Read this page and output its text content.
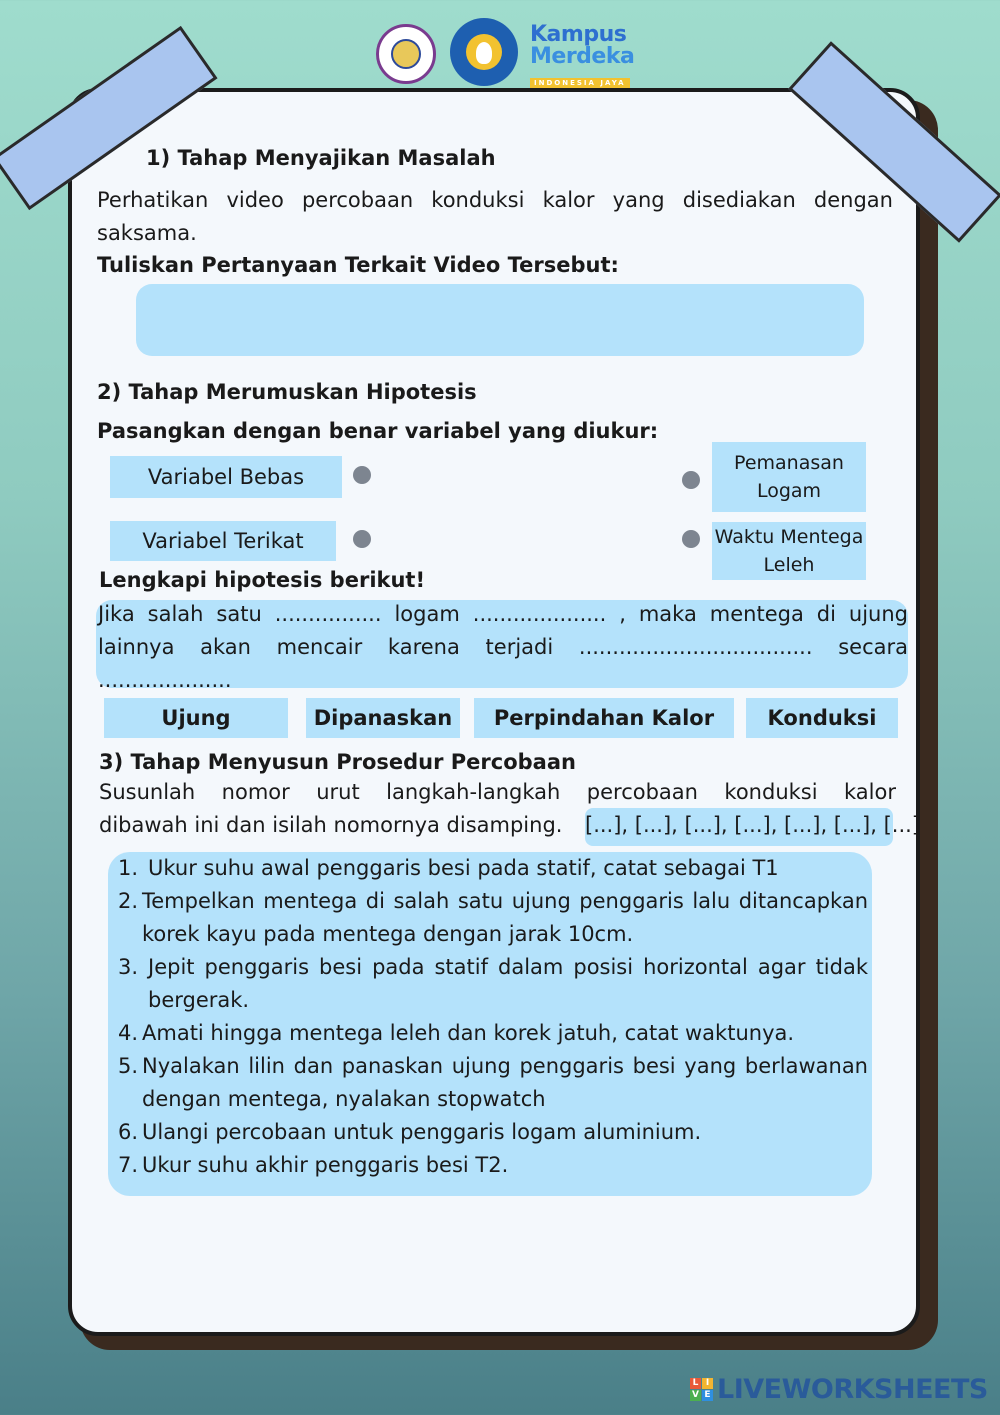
Kampus
Merdeka
INDONESIA JAYA
1) Tahap Menyajikan Masalah
Perhatikan video percobaan konduksi kalor yang disediakan dengan saksama.
Tuliskan Pertanyaan Terkait Video Tersebut:
2) Tahap Merumuskan Hipotesis
Pasangkan dengan benar variabel yang diukur:
Variabel Bebas
Variabel Terikat
Pemanasan Logam
Waktu Mentega Leleh
Lengkapi hipotesis berikut!
Jika salah satu ................ logam .................... , maka mentega di ujung lainnya akan mencair karena terjadi ................................... secara ....................
Ujung	Dipanaskan	Perpindahan Kalor	Konduksi
3) Tahap Menyusun Prosedur Percobaan
Susunlah nomor urut langkah-langkah percobaan konduksi kalor
dibawah ini dan isilah nomornya disamping. [...], [...], [...], [...], [...], [...], [...]
1. Ukur suhu awal penggaris besi pada statif, catat sebagai T1
2. Tempelkan mentega di salah satu ujung penggaris lalu ditancapkan korek kayu pada mentega dengan jarak 10cm.
3. Jepit penggaris besi pada statif dalam posisi horizontal agar tidak bergerak.
4. Amati hingga mentega leleh dan korek jatuh, catat waktunya.
5. Nyalakan lilin dan panaskan ujung penggaris besi yang berlawanan dengan mentega, nyalakan stopwatch
6. Ulangi percobaan untuk penggaris logam aluminium.
7. Ukur suhu akhir penggaris besi T2.
L I
V E LIVEWORKSHEETS
